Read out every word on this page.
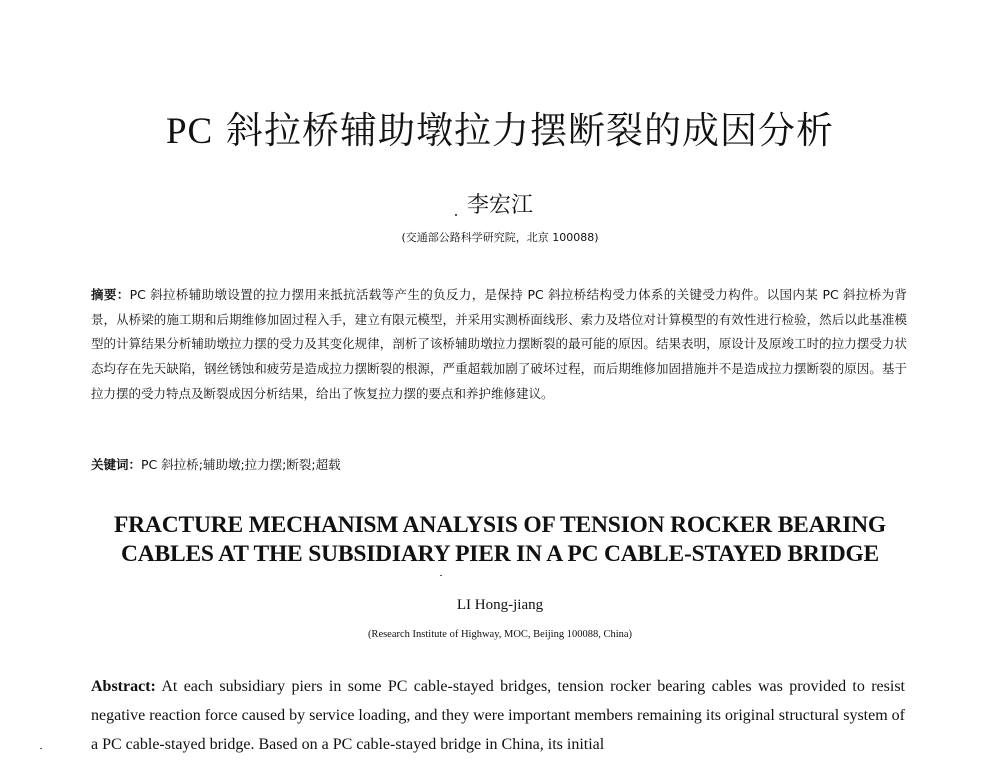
PC 斜拉桥辅助墩拉力摆断裂的成因分析
李宏江
(交通部公路科学研究院，北京 100088)
摘要：PC 斜拉桥辅助墩设置的拉力摆用来抵抗活载等产生的负反力，是保持 PC 斜拉桥结构受力体系的关键受力构件。以国内某 PC 斜拉桥为背景，从桥梁的施工期和后期维修加固过程入手，建立有限元模型，并采用实测桥面线形、索力及塔位对计算模型的有效性进行检验，然后以此基准模型的计算结果分析辅助墩拉力摆的受力及其变化规律，剖析了该桥辅助墩拉力摆断裂的最可能的原因。结果表明，原设计及原竣工时的拉力摆受力状态均存在先天缺陷，钢丝锈蚀和疲劳是造成拉力摆断裂的根源，严重超载加剧了破坏过程，而后期维修加固措施并不是造成拉力摆断裂的原因。基于拉力摆的受力特点及断裂成因分析结果，给出了恢复拉力摆的要点和养护维修建议。
关键词：PC 斜拉桥;辅助墩;拉力摆;断裂;超载
FRACTURE MECHANISM ANALYSIS OF TENSION ROCKER BEARING
CABLES AT THE SUBSIDIARY PIER IN A PC CABLE-STAYED BRIDGE
LI Hong-jiang
(Research Institute of Highway, MOC, Beijing 100088, China)
Abstract: At each subsidiary piers in some PC cable-stayed bridges, tension rocker bearing cables was provided to resist negative reaction force caused by service loading, and they were important members remaining its original structural system of a PC cable-stayed bridge. Based on a PC cable-stayed bridge in China, its initial
